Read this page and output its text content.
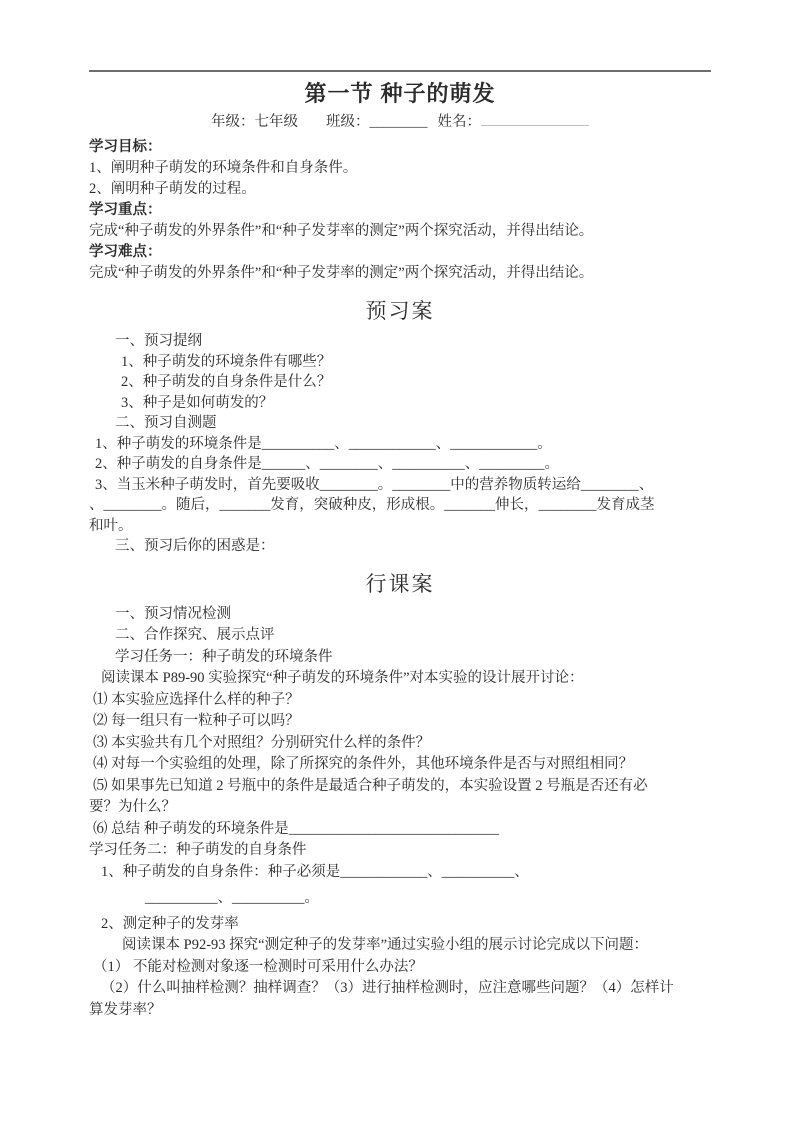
第一节 种子的萌发
年级：七年级 班级：________ 姓名：
学习目标：
1、阐明种子萌发的环境条件和自身条件。
2、阐明种子萌发的过程。
学习重点：
完成“种子萌发的外界条件”和“种子发芽率的测定”两个探究活动，并得出结论。
学习难点：
完成“种子萌发的外界条件”和“种子发芽率的测定”两个探究活动，并得出结论。
预习案
一、预习提纲
1、种子萌发的环境条件有哪些？
2、种子萌发的自身条件是什么？
3、种子是如何萌发的？
二、预习自测题
1、种子萌发的环境条件是__________、____________、____________。
2、种子萌发的自身条件是______、________、__________、_________。
3、当玉米种子萌发时，首先要吸收________。________中的营养物质转运给________、
、________。随后，_______发育，突破种皮，形成根。_______伸长，________发育成茎
和叶。
三、预习后你的困惑是：
行课案
一、预习情况检测
二、合作探究、展示点评
学习任务一：种子萌发的环境条件
阅读课本 P89-90 实验探究“种子萌发的环境条件”对本实验的设计展开讨论：
⑴ 本实验应选择什么样的种子？
⑵ 每一组只有一粒种子可以吗？
⑶ 本实验共有几个对照组？分别研究什么样的条件？
⑷ 对每一个实验组的处理，除了所探究的条件外，其他环境条件是否与对照组相同？
⑸ 如果事先已知道 2 号瓶中的条件是最适合种子萌发的，本实验设置 2 号瓶是否还有必
要？为什么？
⑹ 总结 种子萌发的环境条件是_____________________________
学习任务二：种子萌发的自身条件
1、种子萌发的自身条件：种子必须是____________、__________、
__________、__________。
2、测定种子的发芽率
阅读课本 P92-93 探究“测定种子的发芽率”通过实验小组的展示讨论完成以下问题：
（1） 不能对检测对象逐一检测时可采用什么办法？
（2）什么叫抽样检测？抽样调查？（3）进行抽样检测时，应注意哪些问题？（4）怎样计
算发芽率？
